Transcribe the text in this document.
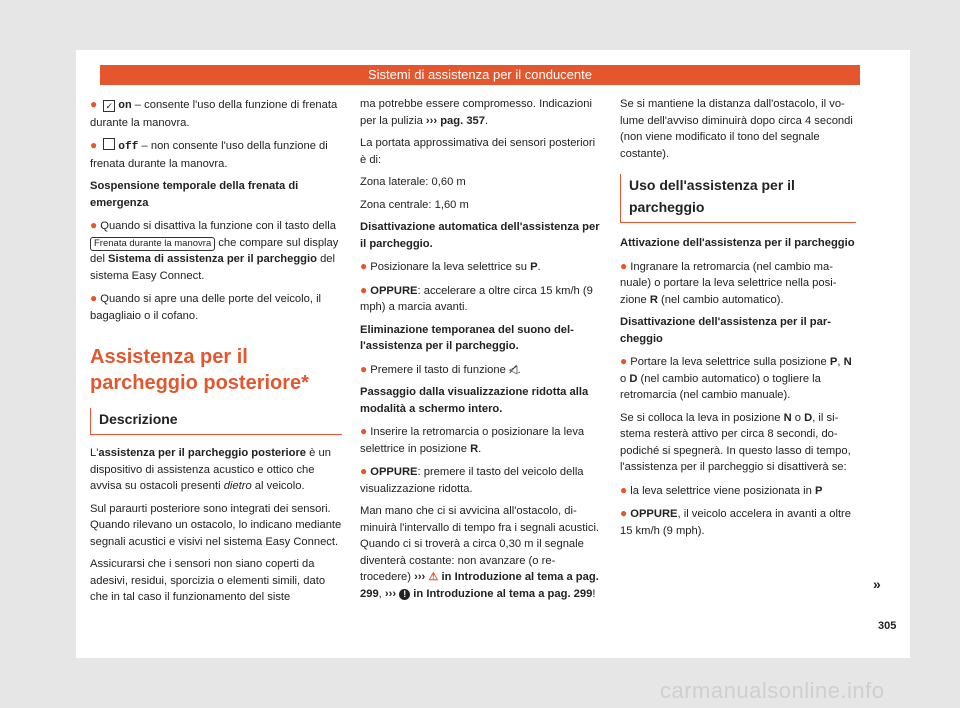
Sistemi di assistenza per il conducente

● ✓ on – consente l'uso della funzione di frenata durante la manovra.

● off – non consente l'uso della funzione di frenata durante la manovra.

Sospensione temporale della frenata di emergenza

● Quando si disattiva la funzione con il tasto della Frenata durante la manovra che compare sul display del Sistema di assistenza per il parcheggio del sistema Easy Connect.

● Quando si apre una delle porte del veicolo, il bagagliaio o il cofano.

Assistenza per il parcheggio posteriore*
Descrizione

L'assistenza per il parcheggio posteriore è un dispositivo di assistenza acustico e ottico che avvisa su ostacoli presenti dietro al veicolo.

Sul paraurti posteriore sono integrati dei sensori. Quando rilevano un ostacolo, lo indicano mediante segnali acustici e visivi nel sistema Easy Connect.

Assicurarsi che i sensori non siano coperti da adesivi, residui, sporcizia o elementi simili, dato che in tal caso il funzionamento del siste

ma potrebbe essere compromesso. Indicazioni per la pulizia ››› pag. 357.

La portata approssimativa dei sensori posteriori è di:

Zona laterale: 0,60 m

Zona centrale: 1,60 m

Disattivazione automatica dell'assistenza per il parcheggio.

● Posizionare la leva selettrice su P.

● OPPURE: accelerare a oltre circa 15 km/h (9 mph) a marcia avanti.

Eliminazione temporanea del suono dell'assistenza per il parcheggio.

● Premere il tasto di funzione ◁̸.

Passaggio dalla visualizzazione ridotta alla modalità a schermo intero.

● Inserire la retromarcia o posizionare la leva selettrice in posizione R.

● OPPURE: premere il tasto del veicolo della visualizzazione ridotta.

Man mano che ci si avvicina all'ostacolo, diminuirà l'intervallo di tempo fra i segnali acustici. Quando ci si troverà a circa 0,30 m il segnale diventerà costante: non avanzare (o retrocedere) ››› ⚠ in Introduzione al tema a pag. 299, ››› ! in Introduzione al tema a pag. 299!

Se si mantiene la distanza dall'ostacolo, il volume dell'avviso diminuirà dopo circa 4 secondi (non viene modificato il tono del segnale costante).

Uso dell'assistenza per il parcheggio

Attivazione dell'assistenza per il parcheggio

● Ingranare la retromarcia (nel cambio manuale) o portare la leva selettrice nella posizione R (nel cambio automatico).

Disattivazione dell'assistenza per il parcheggio

● Portare la leva selettrice sulla posizione P, N o D (nel cambio automatico) o togliere la retromarcia (nel cambio manuale).

Se si colloca la leva in posizione N o D, il sistema resterà attivo per circa 8 secondi, dopodiché si spegnerà. In questo lasso di tempo, l'assistenza per il parcheggio si disattiverà se:

● la leva selettrice viene posizionata in P

● OPPURE, il veicolo accelera in avanti a oltre 15 km/h (9 mph).

»
305
carmanualsonline.info
